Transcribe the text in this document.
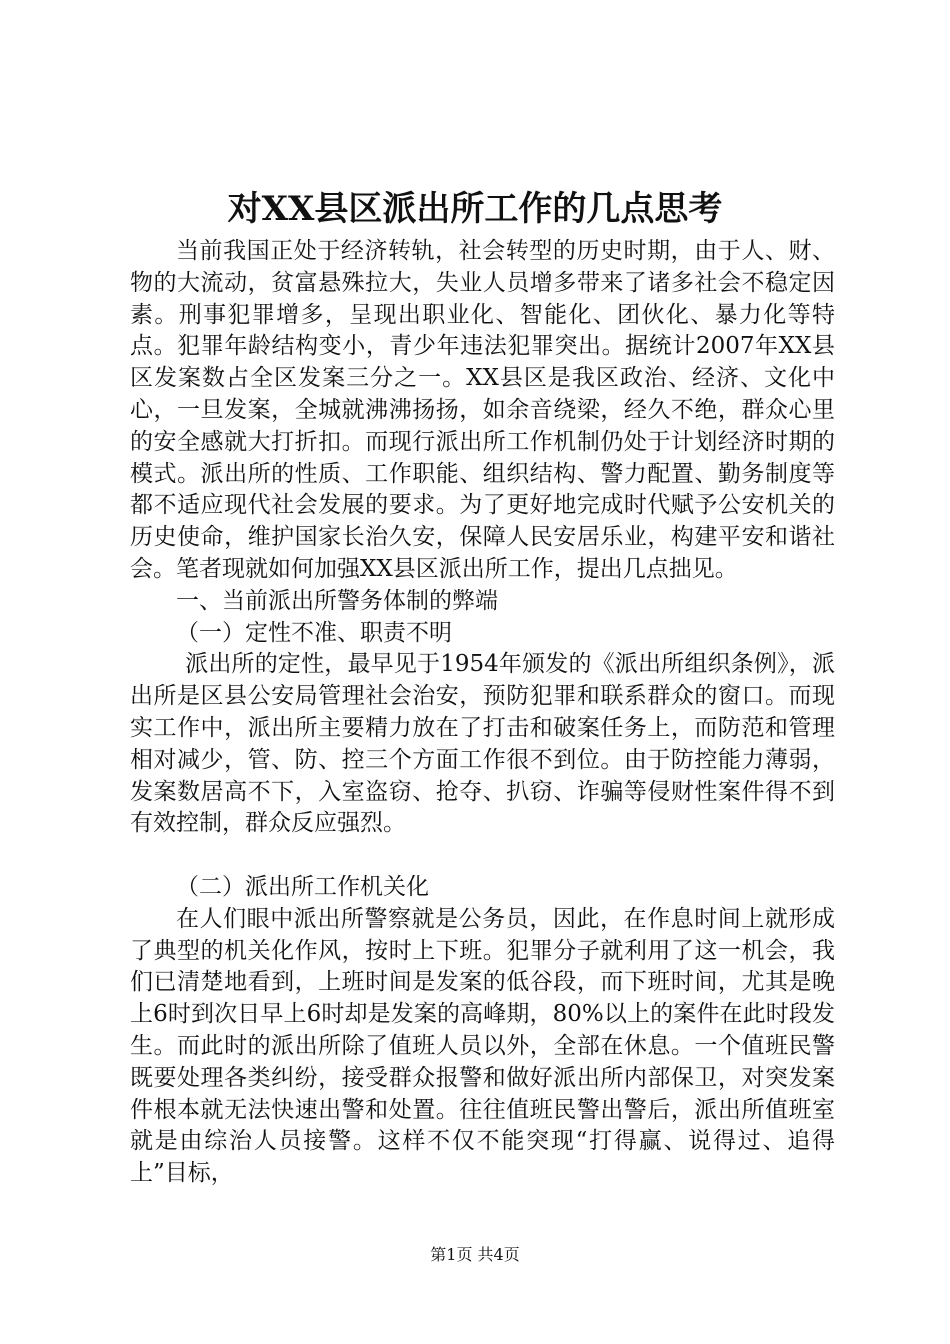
对XX县区派出所工作的几点思考

当前我国正处于经济转轨，社会转型的历史时期，由于人、财、物的大流动，贫富悬殊拉大，失业人员增多带来了诸多社会不稳定因素。刑事犯罪增多，呈现出职业化、智能化、团伙化、暴力化等特点。犯罪年龄结构变小，青少年违法犯罪突出。据统计2007年XX县区发案数占全区发案三分之一。XX县区是我区政治、经济、文化中心，一旦发案，全城就沸沸扬扬，如余音绕梁，经久不绝，群众心里的安全感就大打折扣。而现行派出所工作机制仍处于计划经济时期的模式。派出所的性质、工作职能、组织结构、警力配置、勤务制度等都不适应现代社会发展的要求。为了更好地完成时代赋予公安机关的历史使命，维护国家长治久安，保障人民安居乐业，构建平安和谐社会。笔者现就如何加强XX县区派出所工作，提出几点拙见。

一、当前派出所警务体制的弊端

（一）定性不准、职责不明

派出所的定性，最早见于1954年颁发的《派出所组织条例》，派出所是区县公安局管理社会治安，预防犯罪和联系群众的窗口。而现实工作中，派出所主要精力放在了打击和破案任务上，而防范和管理相对减少，管、防、控三个方面工作很不到位。由于防控能力薄弱，发案数居高不下，入室盗窃、抢夺、扒窃、诈骗等侵财性案件得不到有效控制，群众反应强烈。

（二）派出所工作机关化

在人们眼中派出所警察就是公务员，因此，在作息时间上就形成了典型的机关化作风，按时上下班。犯罪分子就利用了这一机会，我们已清楚地看到，上班时间是发案的低谷段，而下班时间，尤其是晚上6时到次日早上6时却是发案的高峰期，80%以上的案件在此时段发生。而此时的派出所除了值班人员以外，全部在休息。一个值班民警既要处理各类纠纷，接受群众报警和做好派出所内部保卫，对突发案件根本就无法快速出警和处置。往往值班民警出警后，派出所值班室就是由综治人员接警。这样不仅不能突现“打得赢、说得过、追得上”目标，

第1页 共4页
